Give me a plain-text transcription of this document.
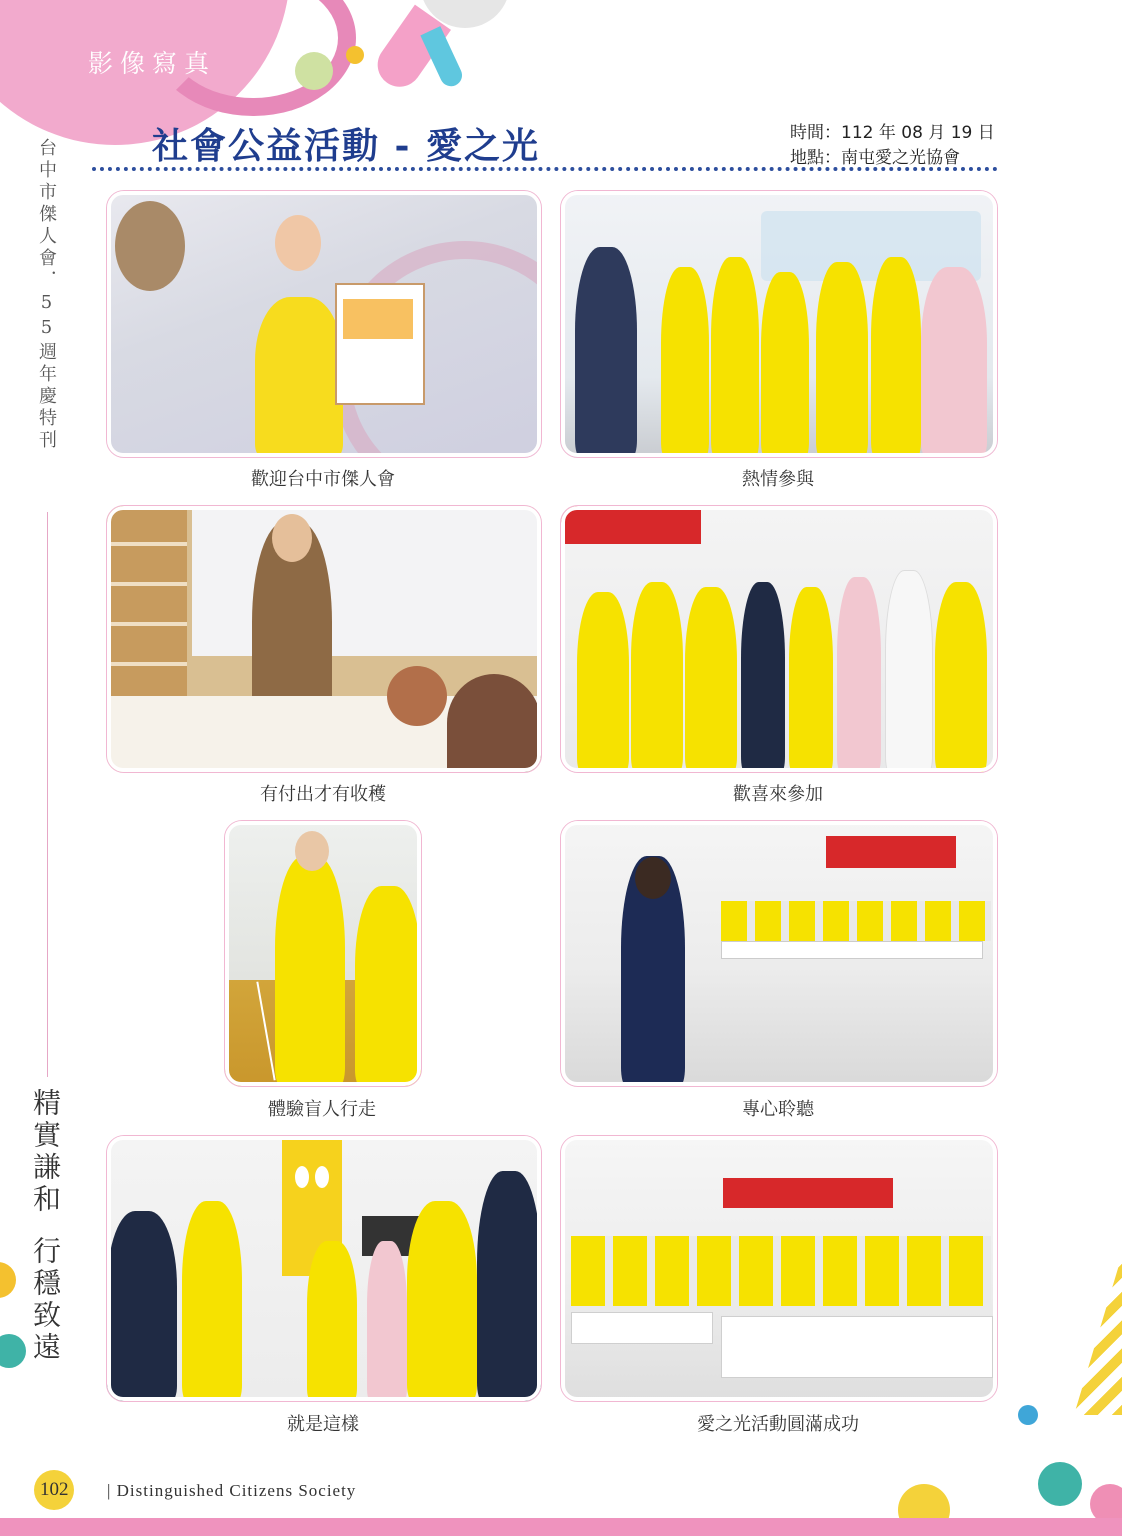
影像寫真
台中市傑人會．55週年慶特刊
精實謙和行穩致遠
社會公益活動 - 愛之光	時間：112 年 08 月 19 日
地點：南屯愛之光協會
歡迎台中市傑人會	熱情參與
有付出才有收穫	歡喜來參加
體驗盲人行走	專心聆聽
就是這樣	愛之光活動圓滿成功
102 | Distinguished Citizens Society
